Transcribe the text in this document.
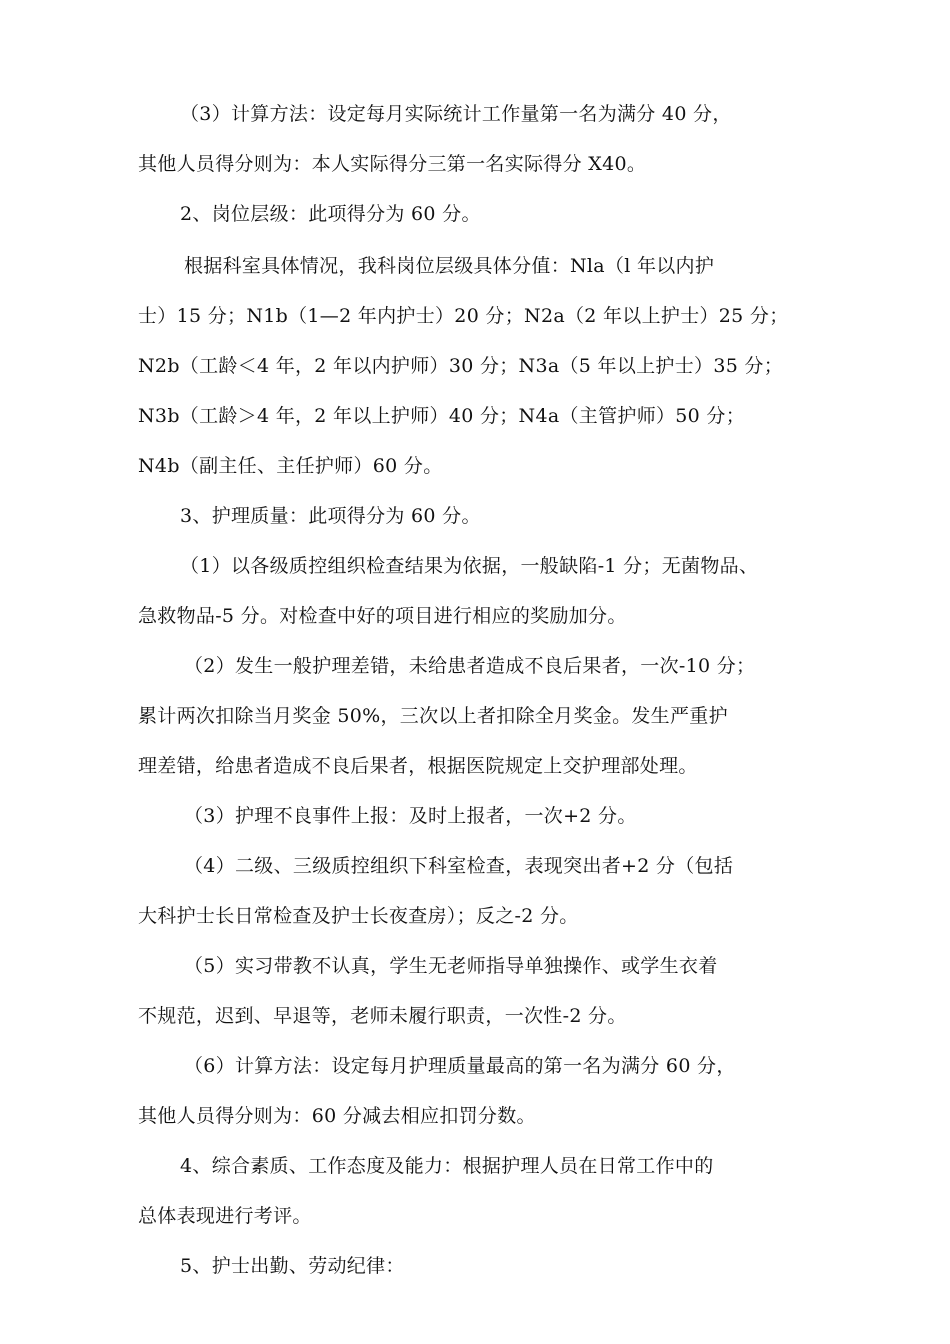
（3）计算方法：设定每月实际统计工作量第一名为满分 40 分，
其他人员得分则为：本人实际得分三第一名实际得分 X40。
2、岗位层级：此项得分为 60 分。
根据科室具体情况，我科岗位层级具体分值：Nla（l 年以内护
士）15 分；N1b（1—2 年内护士）20 分；N2a（2 年以上护士）25 分；
N2b（工龄＜4 年，2 年以内护师）30 分；N3a（5 年以上护士）35 分；
N3b（工龄＞4 年，2 年以上护师）40 分；N4a（主管护师）50 分；
N4b（副主任、主任护师）60 分。
3、护理质量：此项得分为 60 分。
（1）以各级质控组织检查结果为依据，一般缺陷-1 分；无菌物品、
急救物品-5 分。对检查中好的项目进行相应的奖励加分。
（2）发生一般护理差错，未给患者造成不良后果者，一次-10 分；
累计两次扣除当月奖金 50%，三次以上者扣除全月奖金。发生严重护
理差错，给患者造成不良后果者，根据医院规定上交护理部处理。
（3）护理不良事件上报：及时上报者，一次+2 分。
（4）二级、三级质控组织下科室检查，表现突出者+2 分（包括
大科护士长日常检查及护士长夜查房）；反之-2 分。
（5）实习带教不认真，学生无老师指导单独操作、或学生衣着
不规范，迟到、早退等，老师未履行职责，一次性-2 分。
（6）计算方法：设定每月护理质量最高的第一名为满分 60 分，
其他人员得分则为：60 分减去相应扣罚分数。
4、综合素质、工作态度及能力：根据护理人员在日常工作中的
总体表现进行考评。
5、护士出勤、劳动纪律：
